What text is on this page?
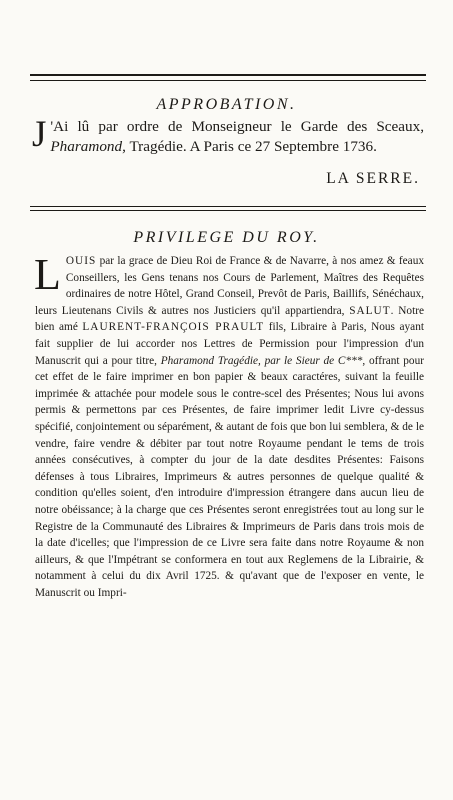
APPROBATION.

J 'Ai lû par ordre de Monseigneur le Garde des Sceaux, Pharamond, Tragédie. A Paris ce 27 Septembre 1736.

LA SERRE.
PRIVILEGE DU ROY.

LOUIS par la grace de Dieu Roi de France & de Navarre, à nos amez & feaux Conseillers, les Gens tenans nos Cours de Parlement, Maîtres des Requêtes ordinaires de notre Hôtel, Grand Conseil, Prevôt de Paris, Baillifs, Sénéchaux, leurs Lieutenans Civils & autres nos Justiciers qu'il appartiendra, SALUT. Notre bien amé LAURENT-FRANÇOIS PRAULT fils, Libraire à Paris, Nous ayant fait supplier de lui accorder nos Lettres de Permission pour l'impression d'un Manuscrit qui a pour titre, Pharamond Tragédie, par le Sieur de C***, offrant pour cet effet de le faire imprimer en bon papier & beaux caractéres, suivant la feuille imprimée & attachée pour modele sous le contre-scel des Présentes; Nous lui avons permis & permettons par ces Présentes, de faire imprimer ledit Livre cy-dessus spécifié, conjointement ou séparément, & autant de fois que bon lui semblera, & de le vendre, faire vendre & débiter par tout notre Royaume pendant le tems de trois années consécutives, à compter du jour de la date desdites Présentes: Faisons défenses à tous Libraires, Imprimeurs & autres personnes de quelque qualité & condition qu'elles soient, d'en introduire d'impression étrangere dans aucun lieu de notre obéissance; à la charge que ces Présentes seront enregistrées tout au long sur le Registre de la Communauté des Libraires & Imprimeurs de Paris dans trois mois de la date d'icelles; que l'impression de ce Livre sera faite dans notre Royaume & non ailleurs, & que l'Impétrant se conformera en tout aux Reglemens de la Librairie, & notamment à celui du dix Avril 1725. & qu'avant que de l'exposer en vente, le Manuscrit ou Impri-
